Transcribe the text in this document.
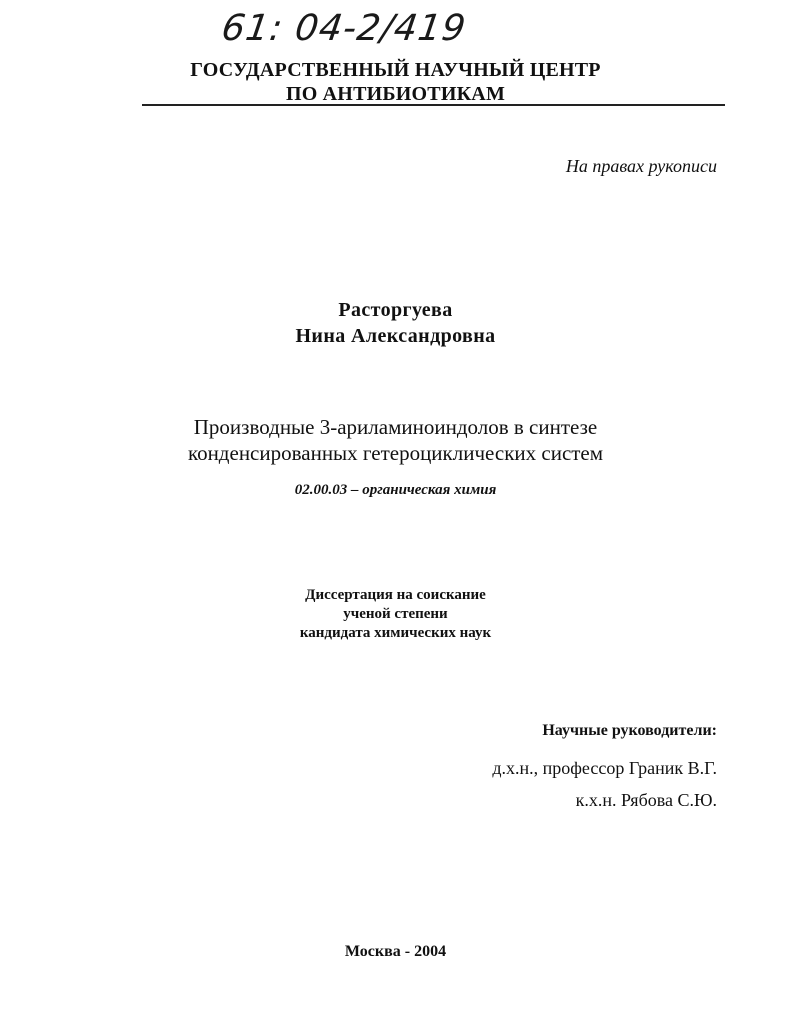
61: 04-2/419
ГОСУДАРСТВЕННЫЙ НАУЧНЫЙ ЦЕНТР
ПО АНТИБИОТИКАМ
На правах рукописи
Расторгуева
Нина Александровна
Производные 3-ариламиноиндолов в синтезе
конденсированных гетероциклических систем
02.00.03 – органическая химия
Диссертация на соискание
ученой степени
кандидата химических наук
Научные руководители:
д.х.н., профессор Граник В.Г.
к.х.н. Рябова С.Ю.
Москва - 2004
